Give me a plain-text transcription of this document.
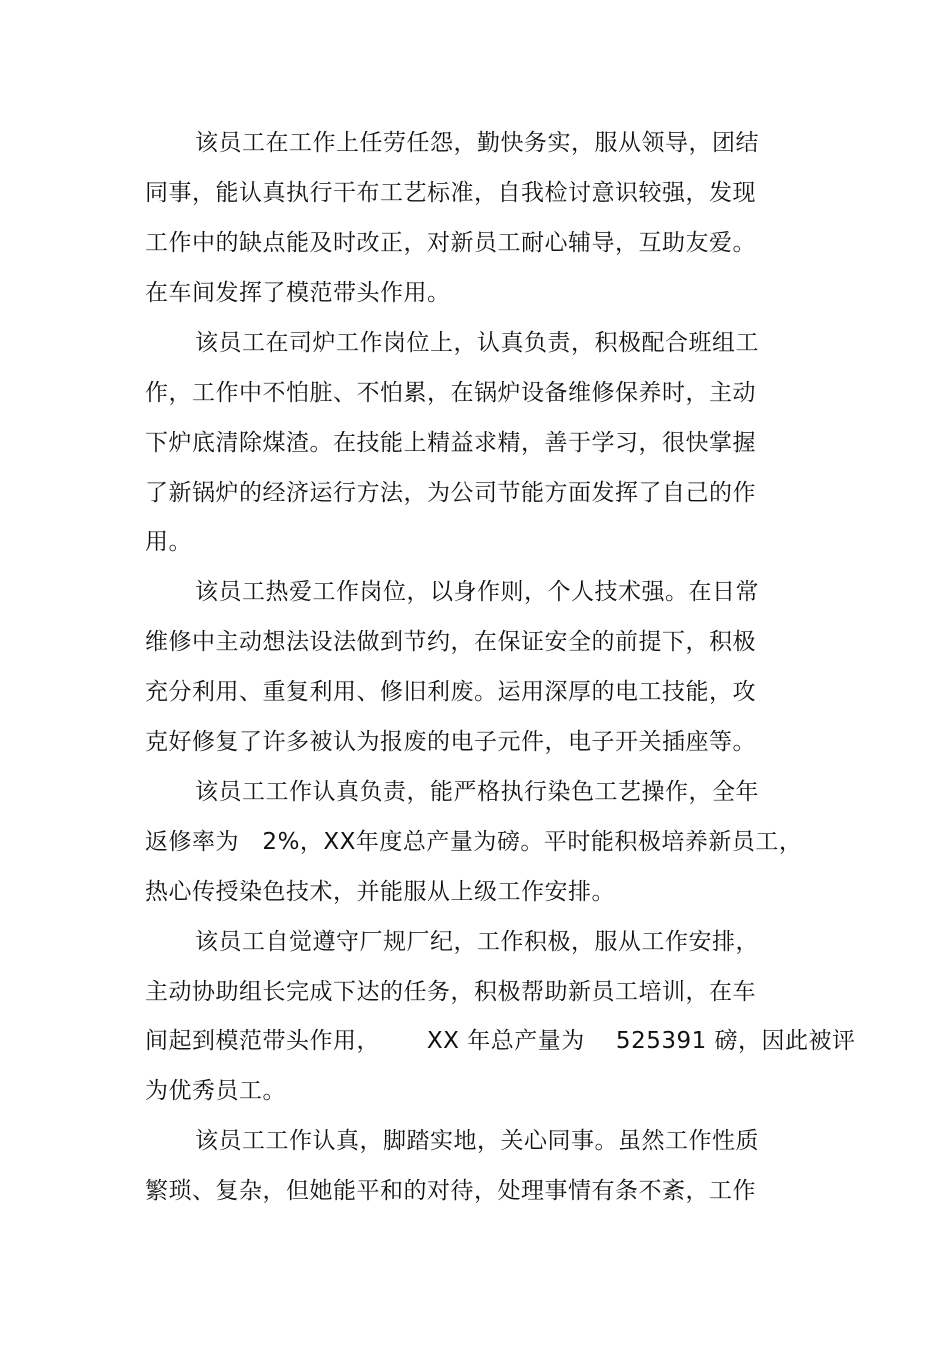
该员工在工作上任劳任怨，勤快务实，服从领导，团结
同事，能认真执行干布工艺标准，自我检讨意识较强，发现
工作中的缺点能及时改正，对新员工耐心辅导，互助友爱。
在车间发挥了模范带头作用。
该员工在司炉工作岗位上，认真负责，积极配合班组工
作，工作中不怕脏、不怕累，在锅炉设备维修保养时，主动
下炉底清除煤渣。在技能上精益求精，善于学习，很快掌握
了新锅炉的经济运行方法，为公司节能方面发挥了自己的作
用。
该员工热爱工作岗位，以身作则，个人技术强。在日常
维修中主动想法设法做到节约，在保证安全的前提下，积极
充分利用、重复利用、修旧利废。运用深厚的电工技能，攻
克好修复了许多被认为报废的电子元件，电子开关插座等。
该员工工作认真负责，能严格执行染色工艺操作，全年
返修率为   2%，XX年度总产量为磅。平时能积极培养新员工，
热心传授染色技术，并能服从上级工作安排。
该员工自觉遵守厂规厂纪，工作积极，服从工作安排，
主动协助组长完成下达的任务，积极帮助新员工培训，在车
间起到模范带头作用，      XX 年总产量为    525391 磅，因此被评
为优秀员工。
该员工工作认真，脚踏实地，关心同事。虽然工作性质
繁琐、复杂，但她能平和的对待，处理事情有条不紊，工作
